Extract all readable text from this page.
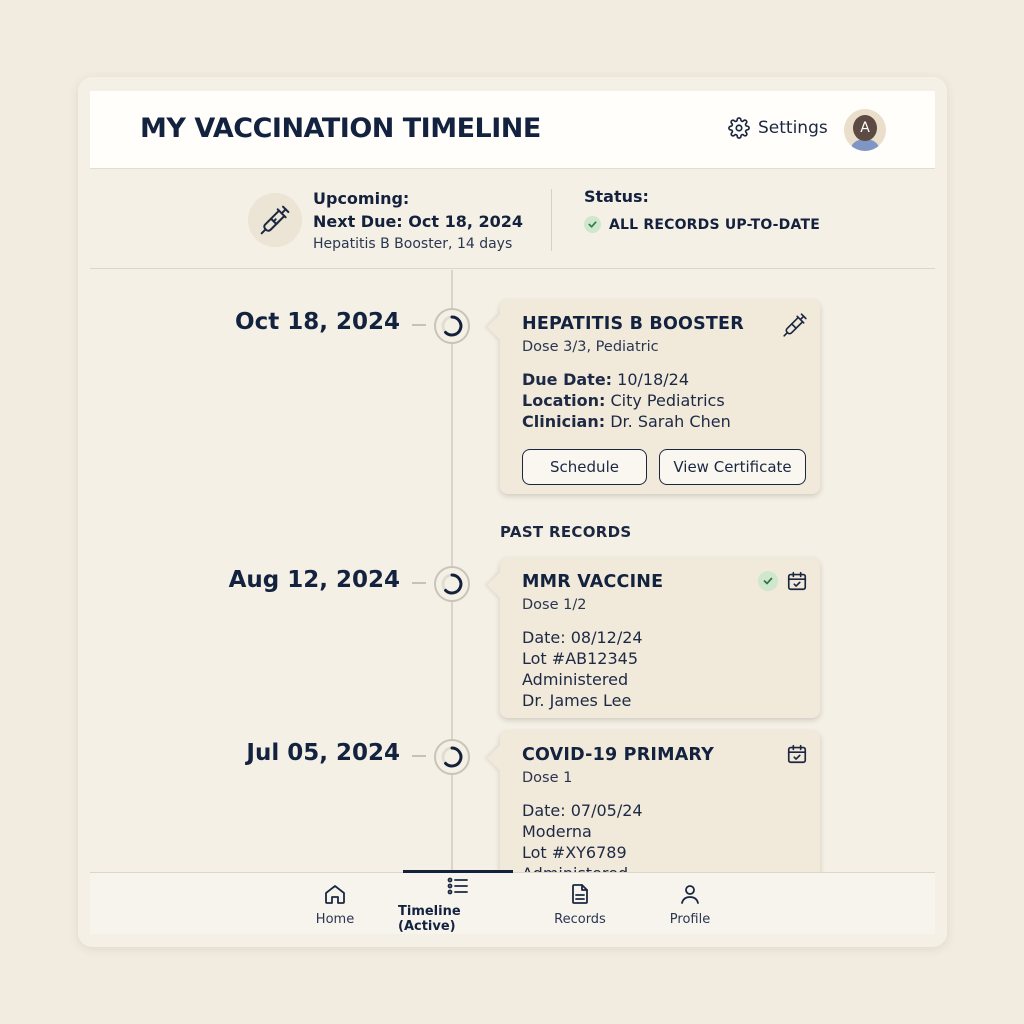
MY VACCINATION TIMELINE	Settings	A
Upcoming:
Next Due: Oct 18, 2024
Hepatitis B Booster, 14 days
Status:
ALL RECORDS UP-TO-DATE
Oct 18, 2024	HEPATITIS B BOOSTER
Dose 3/3, Pediatric
Due Date: 10/18/24
Location: City Pediatrics
Clinician: Dr. Sarah Chen
Schedule	View Certificate
PAST RECORDS
Aug 12, 2024	MMR VACCINE
Dose 1/2
Date: 08/12/24
Lot #AB12345
Administered
Dr. James Lee
Jul 05, 2024	COVID-19 PRIMARY
Dose 1
Date: 07/05/24
Moderna
Lot #XY6789
Home	Timeline (Active)	Records	Profile
